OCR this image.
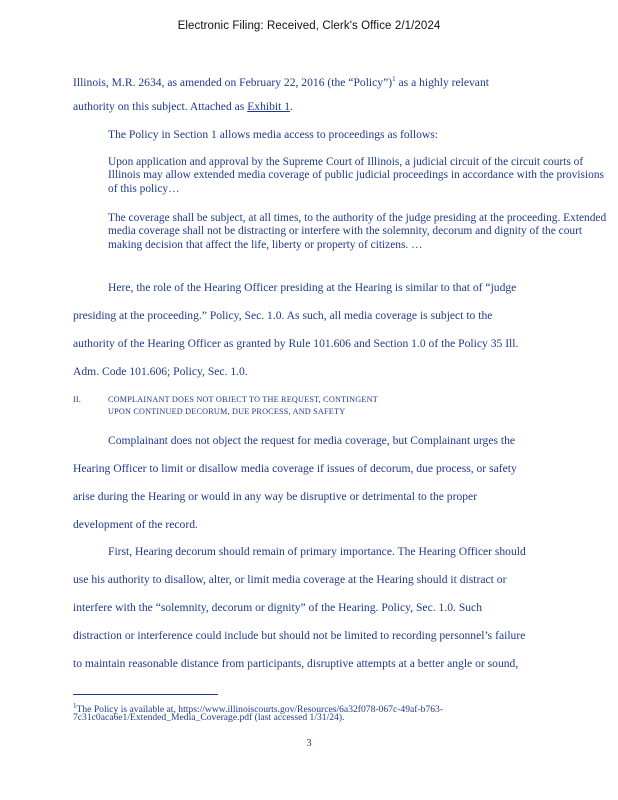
Electronic Filing: Received, Clerk's Office 2/1/2024
Illinois, M.R. 2634, as amended on February 22, 2016 (the “Policy”)$^1$ as a highly relevant
authority on this subject. Attached as Exhibit 1.
The Policy in Section 1 allows media access to proceedings as follows:
Upon application and approval by the Supreme Court of Illinois, a judicial circuit of the circuit courts of Illinois may allow extended media coverage of public judicial proceedings in accordance with the provisions of this policy…
The coverage shall be subject, at all times, to the authority of the judge presiding at the proceeding. Extended media coverage shall not be distracting or interfere with the solemnity, decorum and dignity of the court making decision that affect the life, liberty or property of citizens. …
Here, the role of the Hearing Officer presiding at the Hearing is similar to that of “judge
presiding at the proceeding.” Policy, Sec. 1.0. As such, all media coverage is subject to the
authority of the Hearing Officer as granted by Rule 101.606 and Section 1.0 of the Policy 35 Ill.
Adm. Code 101.606; Policy, Sec. 1.0.
II.	COMPLAINANT DOES NOT OBJECT TO THE REQUEST, CONTINGENT
UPON CONTINUED DECORUM, DUE PROCESS, AND SAFETY
Complainant does not object the request for media coverage, but Complainant urges the
Hearing Officer to limit or disallow media coverage if issues of decorum, due process, or safety
arise during the Hearing or would in any way be disruptive or detrimental to the proper
development of the record.
First, Hearing decorum should remain of primary importance. The Hearing Officer should
use his authority to disallow, alter, or limit media coverage at the Hearing should it distract or
interfere with the “solemnity, decorum or dignity” of the Hearing. Policy, Sec. 1.0. Such
distraction or interference could include but should not be limited to recording personnel’s failure
to maintain reasonable distance from participants, disruptive attempts at a better angle or sound,
$^1$The Policy is available at, https://www.illinoiscourts.gov/Resources/6a32f078-067c-49af-b763-
7c31c0aca6e1/Extended_Media_Coverage.pdf (last accessed 1/31/24).
3
